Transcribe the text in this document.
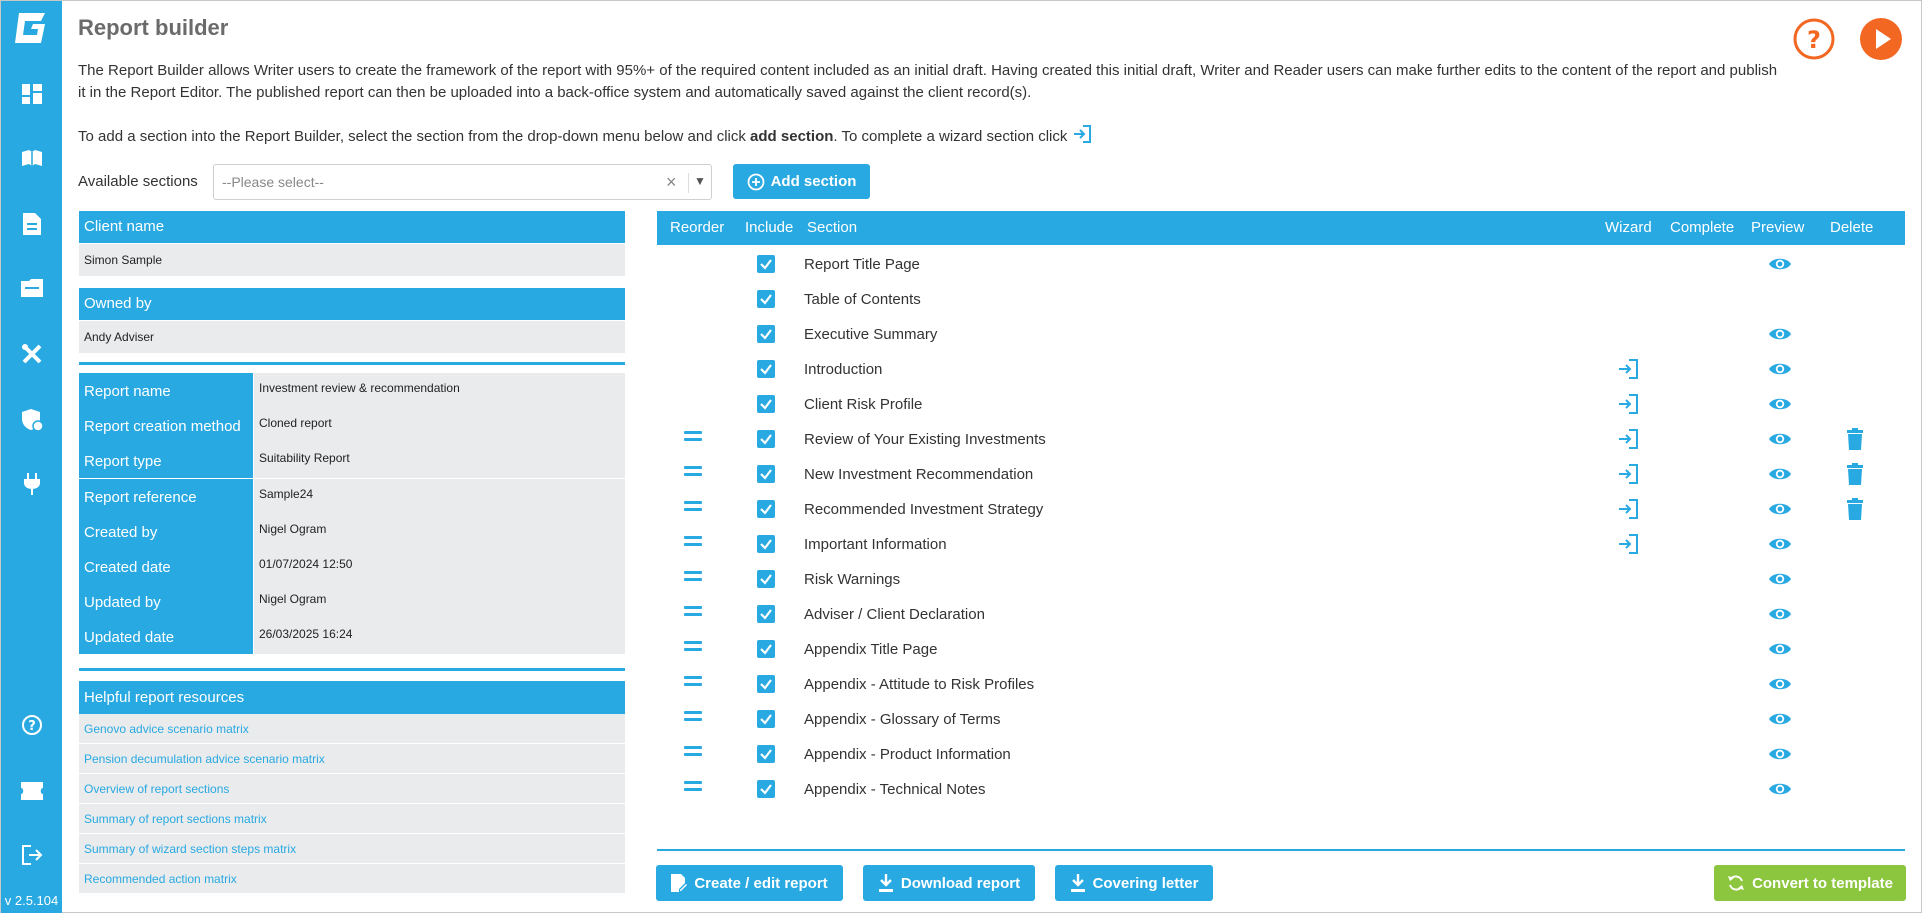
?
v 2.5.104
Report builder	?

The Report Builder allows Writer users to create the framework of the report with 95%+ of the required content included as an initial draft. Having created this initial draft, Writer and Reader users can make further edits to the content of the report and publish it in the Report Editor. The published report can then be uploaded into a back-office system and automatically saved against the client record(s).

To add a section into the Report Builder, select the section from the drop-down menu below and click add section. To complete a wizard section click

Available sections --Please select--	× ▼	Add section
Client name
Simon Sample
Owned by
Andy Adviser
Report name	Investment review & recommendation
Report creation method	Cloned report
Report type	Suitability Report
Report reference	Sample24
Created by	Nigel Ogram
Created date	01/07/2024 12:50
Updated by	Nigel Ogram
Updated date	26/03/2025 16:24
Helpful report resources
Genovo advice scenario matrix
Pension decumulation advice scenario matrix
Overview of report sections
Summary of report sections matrix
Summary of wizard section steps matrix
Recommended action matrix
Reorder Include Section	Wizard Complete Preview Delete
Report Title Page
Table of Contents
Executive Summary
Introduction
Client Risk Profile
Review of Your Existing Investments
New Investment Recommendation
Recommended Investment Strategy
Important Information
Risk Warnings
Adviser / Client Declaration
Appendix Title Page
Appendix - Attitude to Risk Profiles
Appendix - Glossary of Terms
Appendix - Product Information
Appendix - Technical Notes
Create / edit report	Download report	Covering letter	Convert to template
